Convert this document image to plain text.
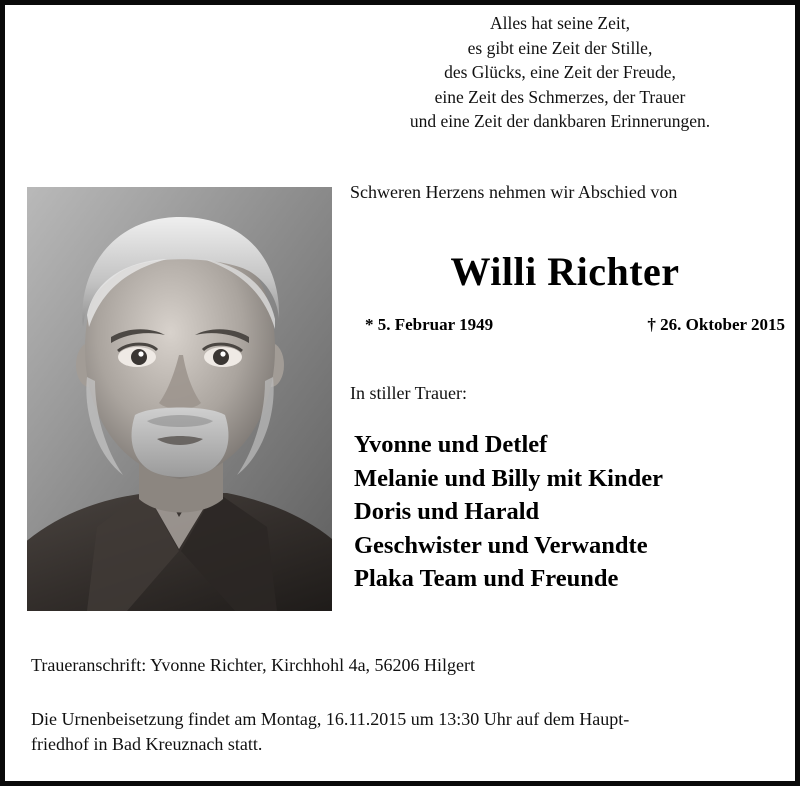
Alles hat seine Zeit,
es gibt eine Zeit der Stille,
des Glücks, eine Zeit der Freude,
eine Zeit des Schmerzes, der Trauer
und eine Zeit der dankbaren Erinnerungen.
Schweren Herzens nehmen wir Abschied von
Willi Richter
* 5. Februar 1949	† 26. Oktober 2015
In stiller Trauer:
Yvonne und Detlef
Melanie und Billy mit Kinder
Doris und Harald
Geschwister und Verwandte
Plaka Team und Freunde
Traueranschrift: Yvonne Richter, Kirchhohl 4a, 56206 Hilgert
Die Urnenbeisetzung findet am Montag, 16.11.2015 um 13:30 Uhr auf dem Haupt-
friedhof in Bad Kreuznach statt.
